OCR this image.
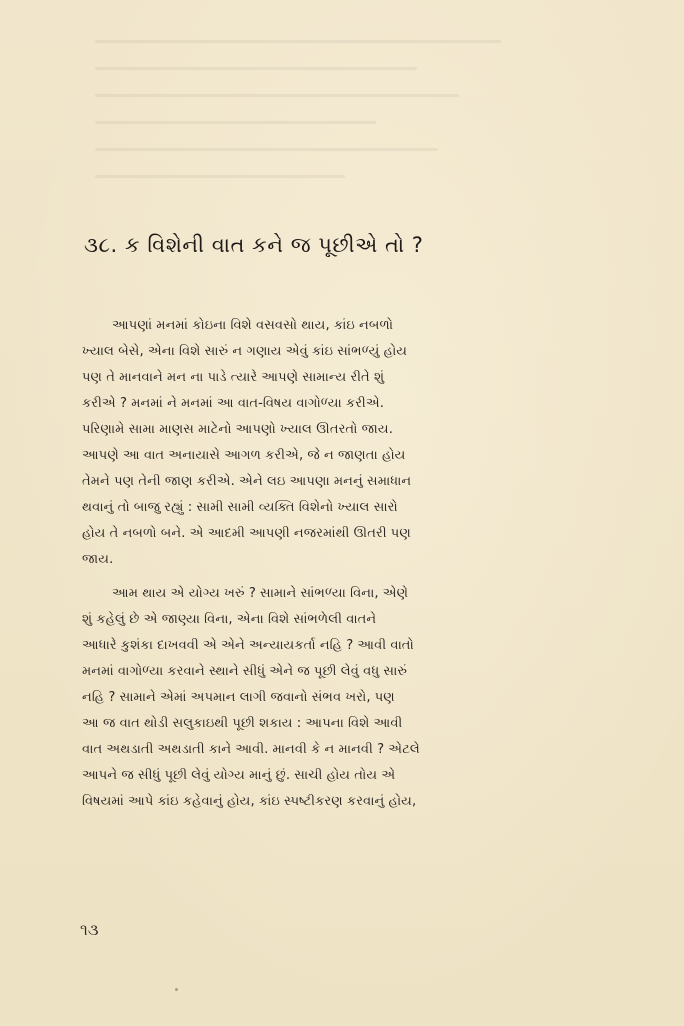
૩૮. ક વિશેની વાત કને જ પૂછીએ તો ?
આપણાં મનમાં કોઇના વિશે વસવસો થાય, કાંઇ નબળો
ખ્યાલ બેસે, એના વિશે સારું ન ગણાય એવું કાંઇ સાંભળ્યું હોય
પણ તે માનવાને મન ના પાડે ત્યારે આપણે સામાન્ય રીતે શું
કરીએ ? મનમાં ને મનમાં આ વાત-વિષય વાગોળ્યા કરીએ.
પરિણામે સામા માણસ માટેનો આપણો ખ્યાલ ઊતરતો જાય.
આપણે આ વાત અનાયાસે આગળ કરીએ, જે ન જાણતા હોય
તેમને પણ તેની જાણ કરીએ. એને લઇ આપણા મનનું સમાધાન
થવાનું તો બાજુ રહ્યું : સામી સામી વ્યક્તિ વિશેનો ખ્યાલ સારો
હોય તે નબળો બને. એ આદમી આપણી નજરમાંથી ઊતરી પણ
જાય.
આમ થાય એ યોગ્ય ખરું ? સામાને સાંભળ્યા વિના, એણે
શું કહેલું છે એ જાણ્યા વિના, એના વિશે સાંભળેલી વાતને
આધારે કુશંકા દાખવવી એ એને અન્યાયકર્તા નહિ ? આવી વાતો
મનમાં વાગોળ્યા કરવાને સ્થાને સીધું એને જ પૂછી લેવું વધુ સારું
નહિ ? સામાને એમાં અપમાન લાગી જવાનો સંભવ ખરો, પણ
આ જ વાત થોડી સલુકાઇથી પૂછી શકાય : આપના વિશે આવી
વાત અથડાતી અથડાતી કાને આવી. માનવી કે ન માનવી ? એટલે
આપને જ સીધું પૂછી લેવું યોગ્ય માનું છું. સાચી હોય તોય એ
વિષયમાં આપે કાંઇ કહેવાનું હોય, કાંઇ સ્પષ્ટીકરણ કરવાનું હોય,
૧૩
